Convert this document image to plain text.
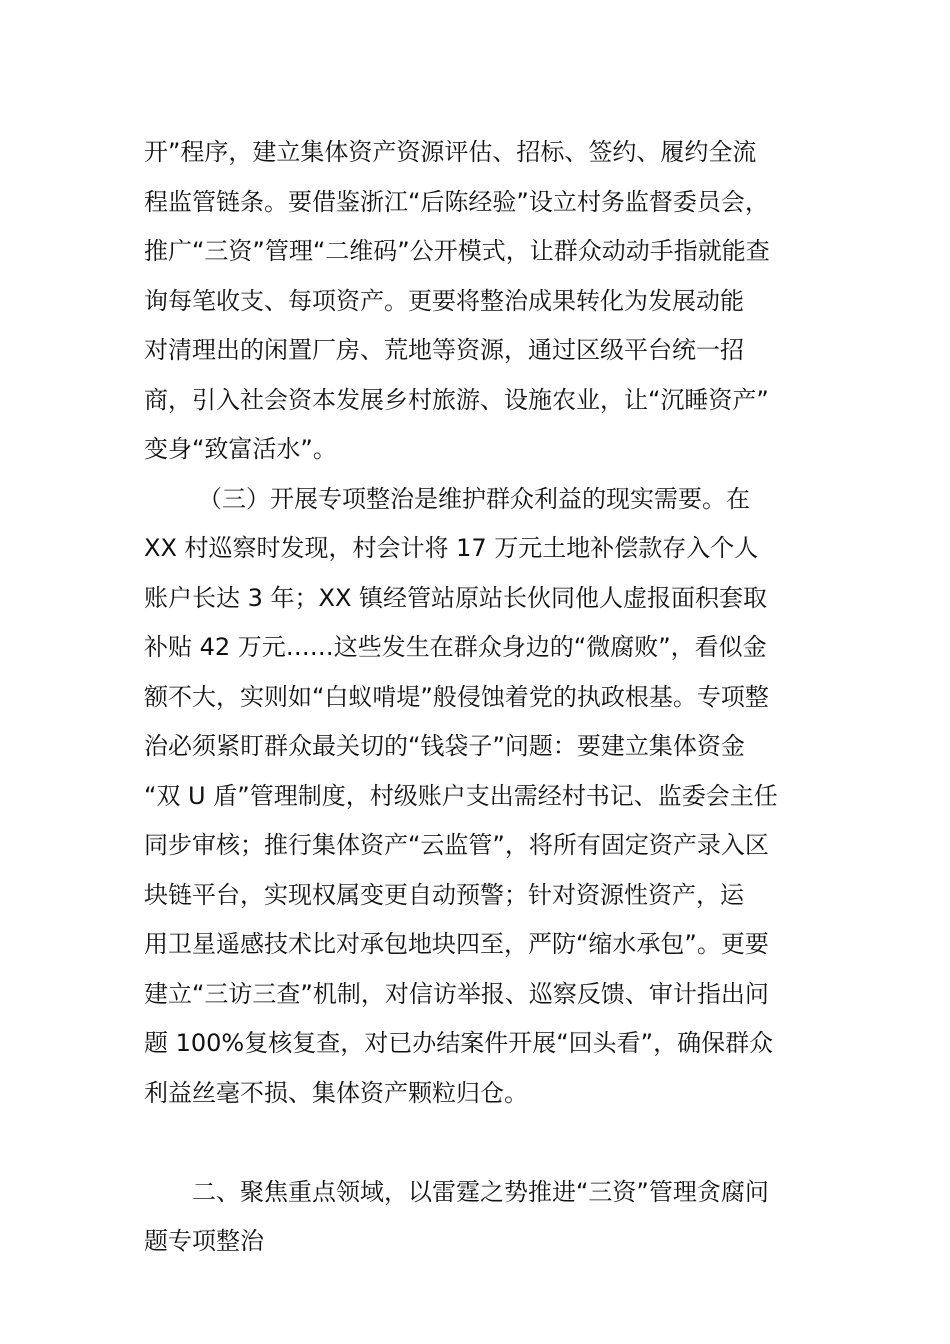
开”程序，建立集体资产资源评估、招标、签约、履约全流
程监管链条。要借鉴浙江“后陈经验”设立村务监督委员会，
推广“三资”管理“二维码”公开模式，让群众动动手指就能查
询每笔收支、每项资产。更要将整治成果转化为发展动能
对清理出的闲置厂房、荒地等资源，通过区级平台统一招
商，引入社会资本发展乡村旅游、设施农业，让“沉睡资产”
变身“致富活水”。
（三）开展专项整治是维护群众利益的现实需要。在
XX 村巡察时发现，村会计将 17 万元土地补偿款存入个人
账户长达 3 年；XX 镇经管站原站长伙同他人虚报面积套取
补贴 42 万元……这些发生在群众身边的“微腐败”，看似金
额不大，实则如“白蚁啃堤”般侵蚀着党的执政根基。专项整
治必须紧盯群众最关切的“钱袋子”问题：要建立集体资金
“双 U 盾”管理制度，村级账户支出需经村书记、监委会主任
同步审核；推行集体资产“云监管”，将所有固定资产录入区
块链平台，实现权属变更自动预警；针对资源性资产，运
用卫星遥感技术比对承包地块四至，严防“缩水承包”。更要
建立“三访三查”机制，对信访举报、巡察反馈、审计指出问
题 100%复核复查，对已办结案件开展“回头看”，确保群众
利益丝毫不损、集体资产颗粒归仓。
二、聚焦重点领域，以雷霆之势推进“三资”管理贪腐问
题专项整治
